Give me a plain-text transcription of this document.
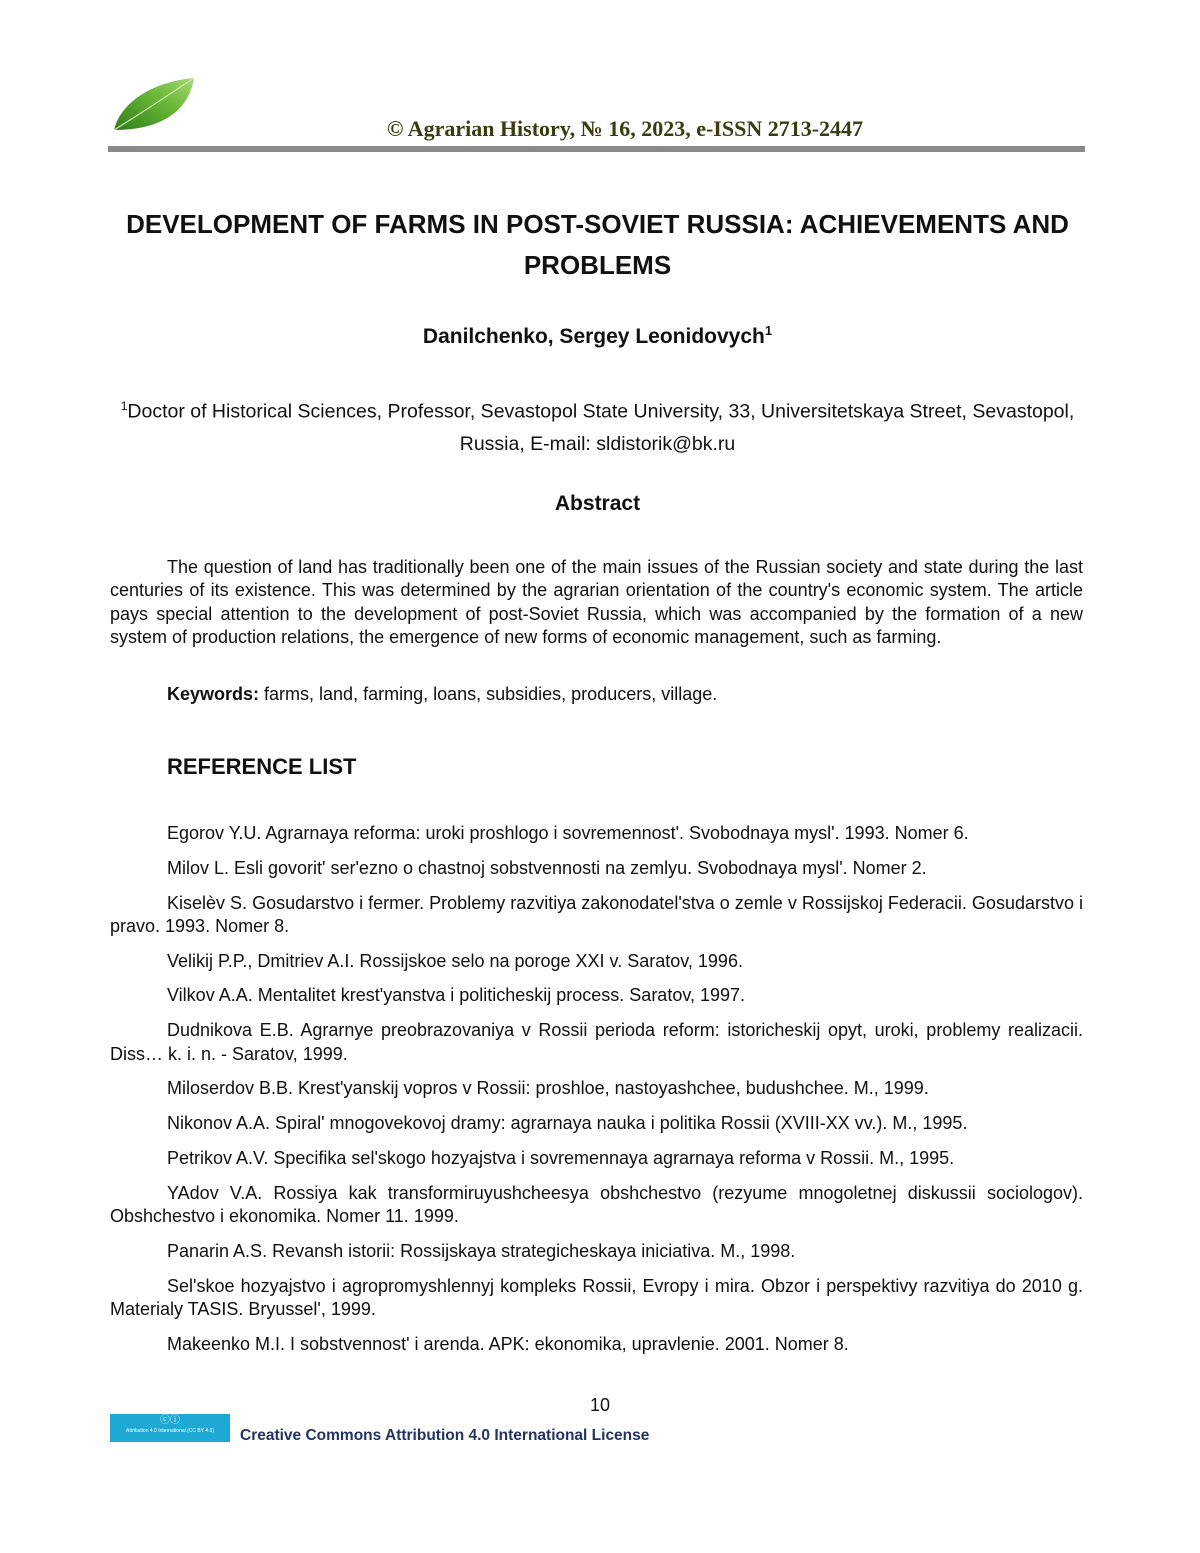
© Agrarian History, № 16, 2023, e-ISSN 2713-2447
DEVELOPMENT OF FARMS IN POST-SOVIET RUSSIA: ACHIEVEMENTS AND PROBLEMS
Danilchenko, Sergey Leonidovych$^1$
$^1$Doctor of Historical Sciences, Professor, Sevastopol State University, 33, Universitetskaya Street, Sevastopol, Russia, E-mail: sldistorik@bk.ru
Abstract
The question of land has traditionally been one of the main issues of the Russian society and state during the last centuries of its existence. This was determined by the agrarian orientation of the country's economic system. The article pays special attention to the development of post-Soviet Russia, which was accompanied by the formation of a new system of production relations, the emergence of new forms of economic management, such as farming.
Keywords: farms, land, farming, loans, subsidies, producers, village.
REFERENCE LIST

Egorov Y.U. Agrarnaya reforma: uroki proshlogo i sovremennost'. Svobodnaya mysl'. 1993. Nomer 6.

Milov L. Esli govorit' ser'ezno o chastnoj sobstvennosti na zemlyu. Svobodnaya mysl'. Nomer 2.

Kiselèv S. Gosudarstvo i fermer. Problemy razvitiya zakonodatel'stva o zemle v Rossijskoj Federacii. Gosudarstvo i pravo. 1993. Nomer 8.

Velikij P.P., Dmitriev A.I. Rossijskoe selo na poroge XXI v. Saratov, 1996.

Vilkov A.A. Mentalitet krest'yanstva i politicheskij process. Saratov, 1997.

Dudnikova E.B. Agrarnye preobrazovaniya v Rossii perioda reform: istoricheskij opyt, uroki, problemy realizacii. Diss… k. i. n. - Saratov, 1999.

Miloserdov B.B. Krest'yanskij vopros v Rossii: proshloe, nastoyashchee, budushchee. M., 1999.

Nikonov A.A. Spiral' mnogovekovoj dramy: agrarnaya nauka i politika Rossii (XVIII-XX vv.). M., 1995.

Petrikov A.V. Specifika sel'skogo hozyajstva i sovremennaya agrarnaya reforma v Rossii. M., 1995.

YAdov V.A. Rossiya kak transformiruyushcheesya obshchestvo (rezyume mnogoletnej diskussii sociologov). Obshchestvo i ekonomika. Nomer 11. 1999.

Panarin A.S. Revansh istorii: Rossijskaya strategicheskaya iniciativa. M., 1998.

Sel'skoe hozyajstvo i agropromyshlennyj kompleks Rossii, Evropy i mira. Obzor i perspektivy razvitiya do 2010 g. Materialy TASIS. Bryussel', 1999.

Makeenko M.I. I sobstvennost' i arenda. APK: ekonomika, upravlenie. 2001. Nomer 8.

10
ⓒⓘ
Attribution 4.0 International (CC BY 4.0)	Creative Commons Attribution 4.0 International License
